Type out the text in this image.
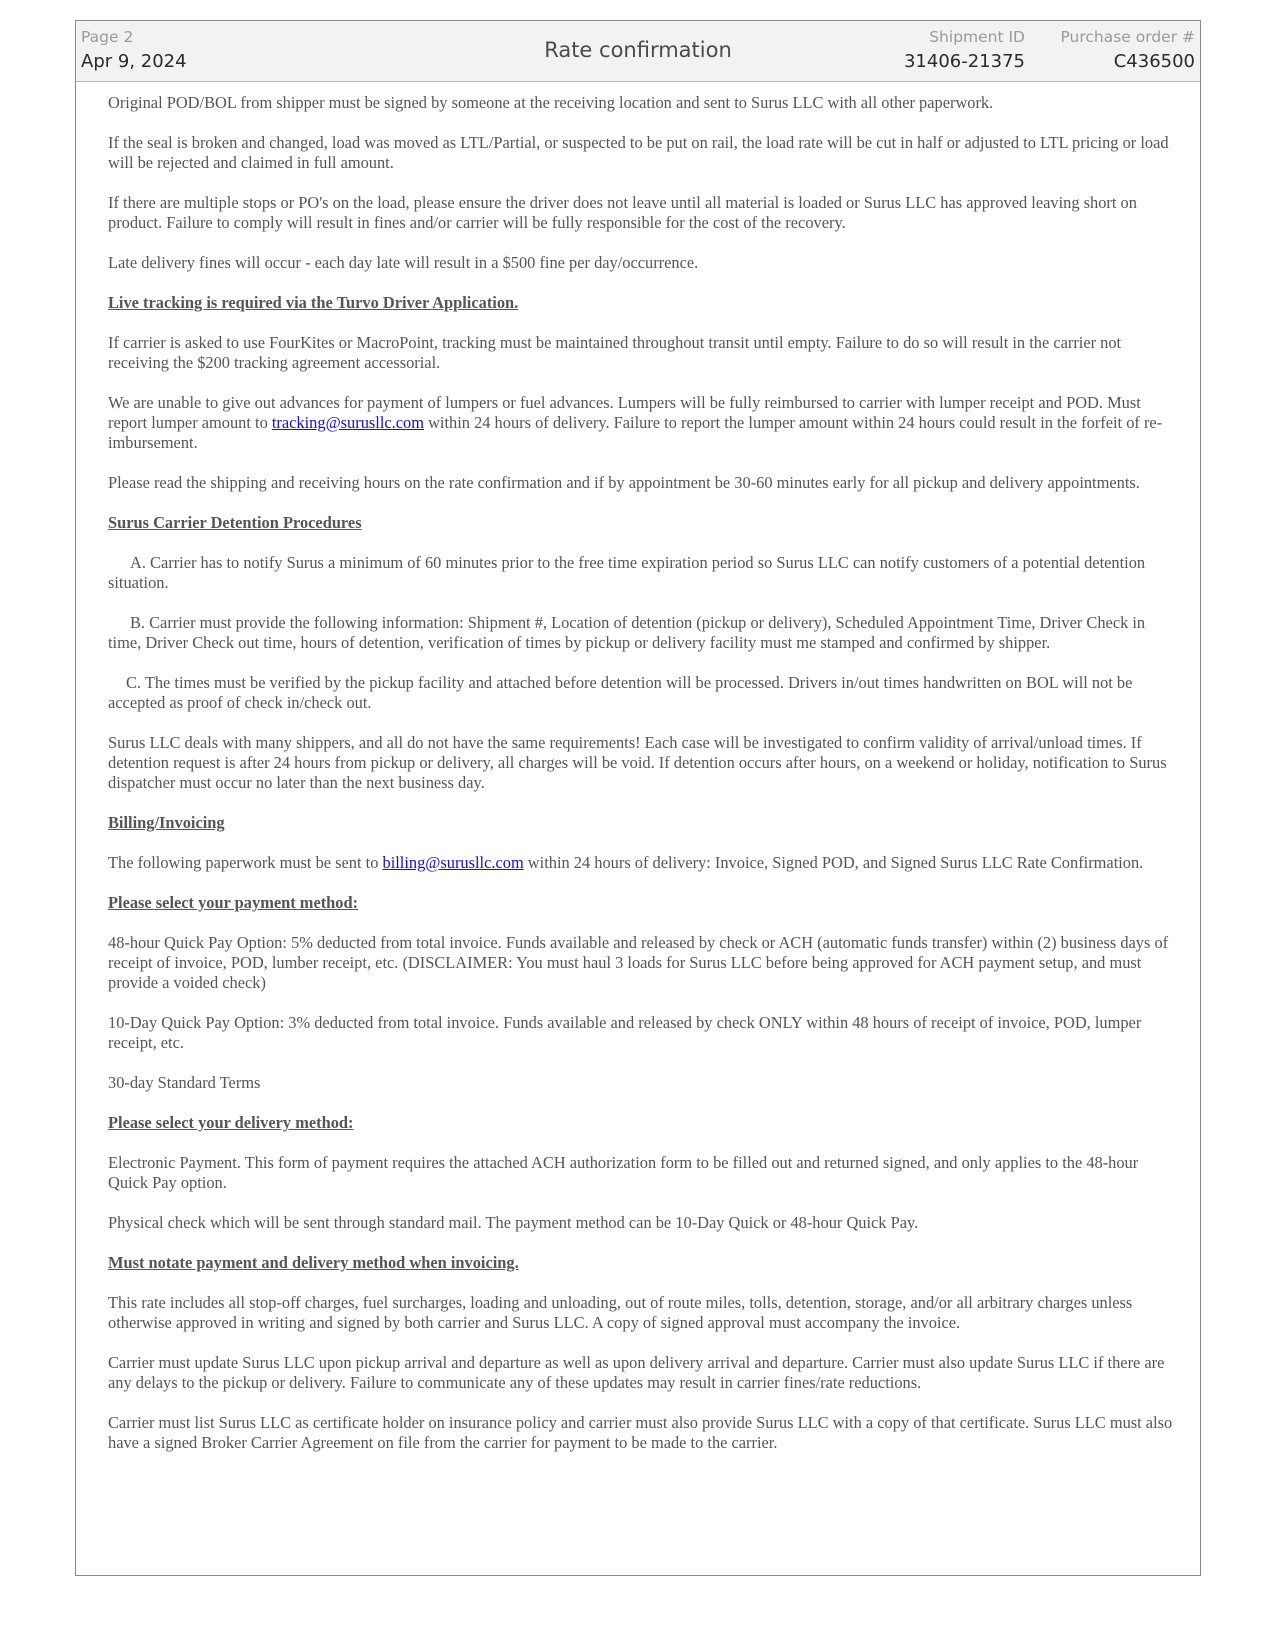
Page 2
Apr 9, 2024	Rate confirmation
Shipment ID
31406-21375
Purchase order #
C436500

Original POD/BOL from shipper must be signed by someone at the receiving location and sent to Surus LLC with all other paperwork.

If the seal is broken and changed, load was moved as LTL/Partial, or suspected to be put on rail, the load rate will be cut in half or adjusted to LTL pricing or load will be rejected and claimed in full amount.

If there are multiple stops or PO's on the load, please ensure the driver does not leave until all material is loaded or Surus LLC has approved leaving short on product. Failure to comply will result in fines and/or carrier will be fully responsible for the cost of the recovery.

Late delivery fines will occur - each day late will result in a $500 fine per day/occurrence.

Live tracking is required via the Turvo Driver Application.

If carrier is asked to use FourKites or MacroPoint, tracking must be maintained throughout transit until empty. Failure to do so will result in the carrier not receiving the $200 tracking agreement accessorial.

We are unable to give out advances for payment of lumpers or fuel advances. Lumpers will be fully reimbursed to carrier with lumper receipt and POD. Must report lumper amount to tracking@surusllc.com within 24 hours of delivery. Failure to report the lumper amount within 24 hours could result in the forfeit of re-imbursement.

Please read the shipping and receiving hours on the rate confirmation and if by appointment be 30-60 minutes early for all pickup and delivery appointments.

Surus Carrier Detention Procedures

A. Carrier has to notify Surus a minimum of 60 minutes prior to the free time expiration period so Surus LLC can notify customers of a potential detention situation.

B. Carrier must provide the following information: Shipment #, Location of detention (pickup or delivery), Scheduled Appointment Time, Driver Check in time, Driver Check out time, hours of detention, verification of times by pickup or delivery facility must me stamped and confirmed by shipper.

C. The times must be verified by the pickup facility and attached before detention will be processed. Drivers in/out times handwritten on BOL will not be accepted as proof of check in/check out.

Surus LLC deals with many shippers, and all do not have the same requirements! Each case will be investigated to confirm validity of arrival/unload times. If detention request is after 24 hours from pickup or delivery, all charges will be void. If detention occurs after hours, on a weekend or holiday, notification to Surus dispatcher must occur no later than the next business day.

Billing/Invoicing

The following paperwork must be sent to billing@surusllc.com within 24 hours of delivery: Invoice, Signed POD, and Signed Surus LLC Rate Confirmation.

Please select your payment method:

48-hour Quick Pay Option: 5% deducted from total invoice. Funds available and released by check or ACH (automatic funds transfer) within (2) business days of receipt of invoice, POD, lumber receipt, etc. (DISCLAIMER: You must haul 3 loads for Surus LLC before being approved for ACH payment setup, and must provide a voided check)

10-Day Quick Pay Option: 3% deducted from total invoice. Funds available and released by check ONLY within 48 hours of receipt of invoice, POD, lumper receipt, etc.

30-day Standard Terms

Please select your delivery method:

Electronic Payment. This form of payment requires the attached ACH authorization form to be filled out and returned signed, and only applies to the 48-hour Quick Pay option.

Physical check which will be sent through standard mail. The payment method can be 10-Day Quick or 48-hour Quick Pay.

Must notate payment and delivery method when invoicing.

This rate includes all stop-off charges, fuel surcharges, loading and unloading, out of route miles, tolls, detention, storage, and/or all arbitrary charges unless otherwise approved in writing and signed by both carrier and Surus LLC. A copy of signed approval must accompany the invoice.

Carrier must update Surus LLC upon pickup arrival and departure as well as upon delivery arrival and departure. Carrier must also update Surus LLC if there are any delays to the pickup or delivery. Failure to communicate any of these updates may result in carrier fines/rate reductions.

Carrier must list Surus LLC as certificate holder on insurance policy and carrier must also provide Surus LLC with a copy of that certificate. Surus LLC must also have a signed Broker Carrier Agreement on file from the carrier for payment to be made to the carrier.
